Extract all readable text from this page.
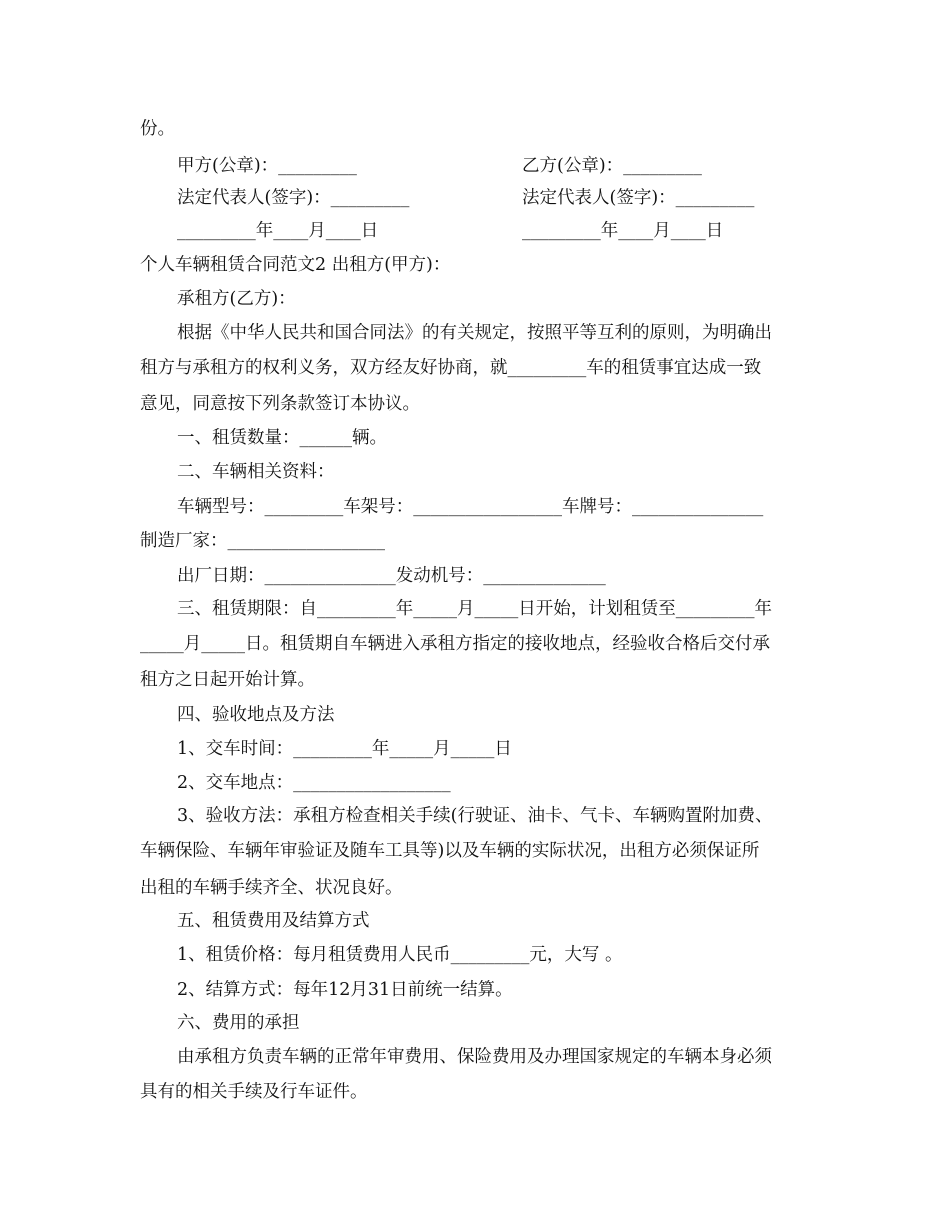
份。

甲方(公章)：_________	乙方(公章)：_________

法定代表人(签字)：_________	法定代表人(签字)：_________

_________年____月____日	_________年____月____日

个人车辆租赁合同范文2 出租方(甲方)：

承租方(乙方)：

根据《中华人民共和国合同法》的有关规定，按照平等互利的原则，为明确出

租方与承租方的权利义务，双方经友好协商，就_________车的租赁事宜达成一致

意见，同意按下列条款签订本协议。

一、租赁数量：______辆。

二、车辆相关资料：

车辆型号：_________车架号：_________________车牌号：_______________

制造厂家：__________________

出厂日期：_______________发动机号：______________

三、租赁期限：自_________年_____月_____日开始，计划租赁至_________年

_____月_____日。租赁期自车辆进入承租方指定的接收地点，经验收合格后交付承

租方之日起开始计算。

四、验收地点及方法

1、交车时间：_________年_____月_____日

2、交车地点：__________________

3、验收方法：承租方检查相关手续(行驶证、油卡、气卡、车辆购置附加费、

车辆保险、车辆年审验证及随车工具等)以及车辆的实际状况，出租方必须保证所

出租的车辆手续齐全、状况良好。

五、租赁费用及结算方式

1、租赁价格：每月租赁费用人民币_________元，大写 。

2、结算方式：每年12月31日前统一结算。

六、费用的承担

由承租方负责车辆的正常年审费用、保险费用及办理国家规定的车辆本身必须

具有的相关手续及行车证件。
